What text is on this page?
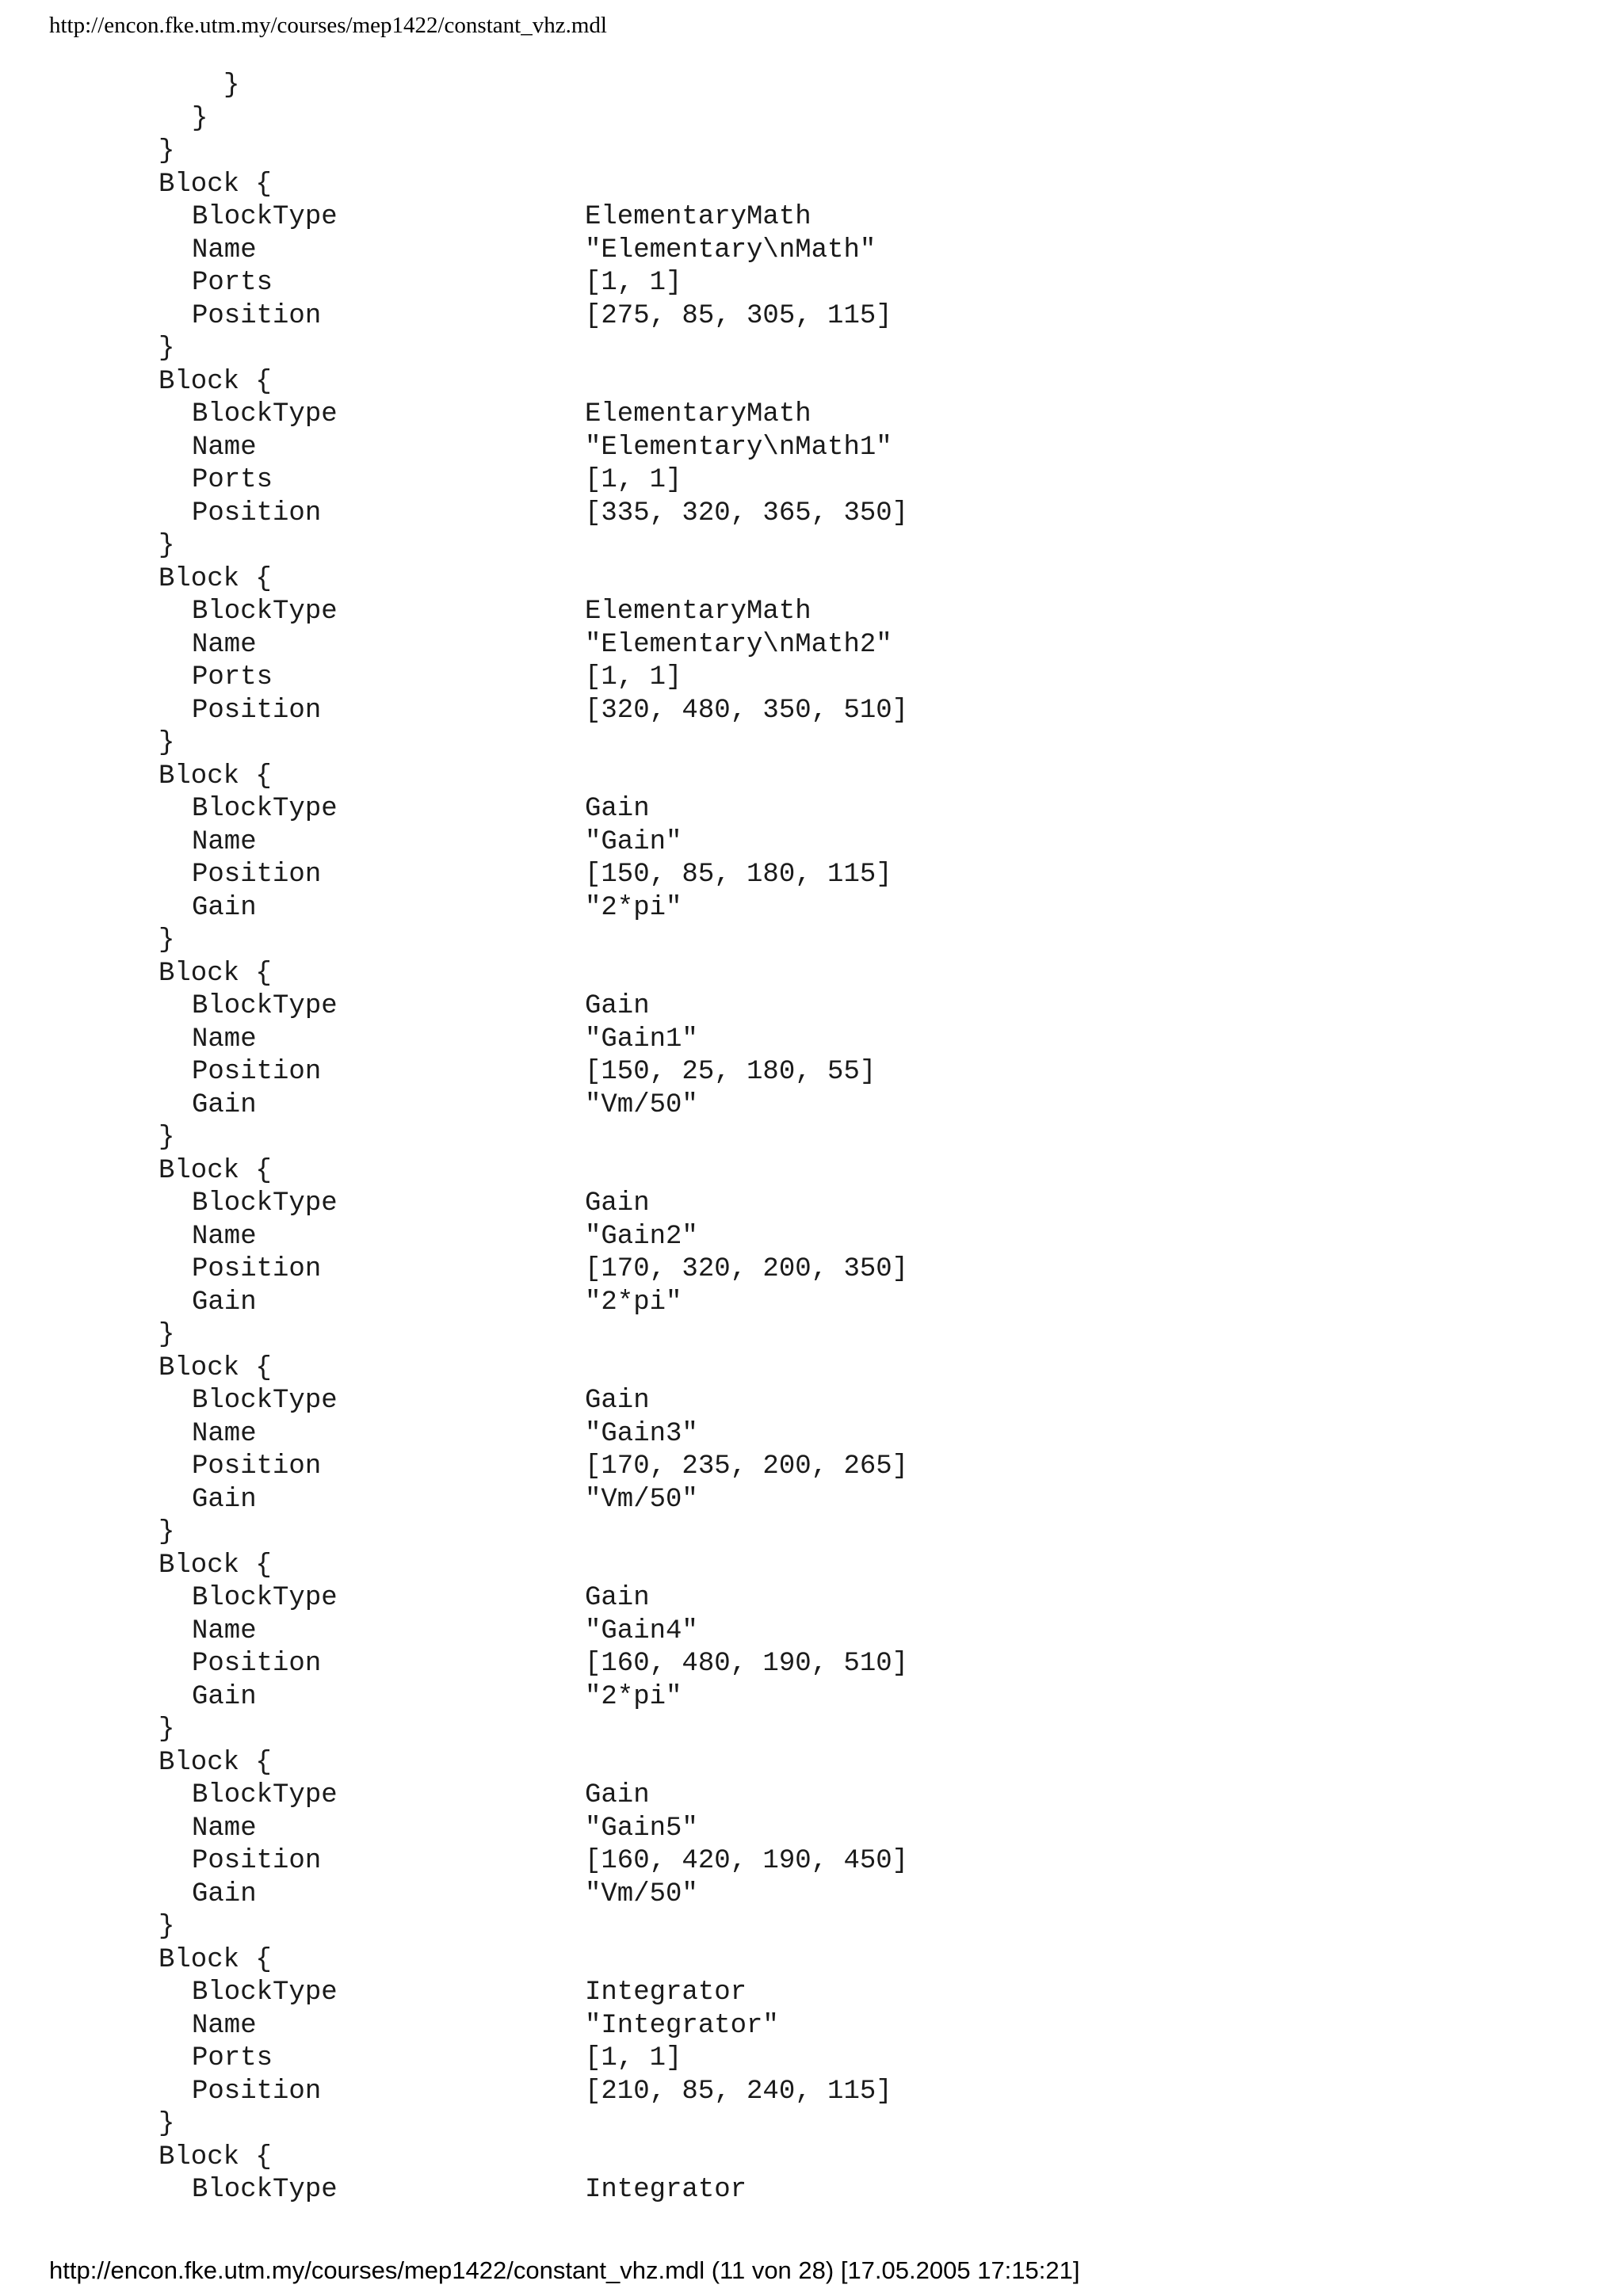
http://encon.fke.utm.my/courses/mep1422/constant_vhz.mdl
}
}
}
Block {
BlockType	ElementaryMath
Name	"Elementary\nMath"
Ports	[1, 1]
Position	[275, 85, 305, 115]
}
Block {
BlockType	ElementaryMath
Name	"Elementary\nMath1"
Ports	[1, 1]
Position	[335, 320, 365, 350]
}
Block {
BlockType	ElementaryMath
Name	"Elementary\nMath2"
Ports	[1, 1]
Position	[320, 480, 350, 510]
}
Block {
BlockType	Gain
Name	"Gain"
Position	[150, 85, 180, 115]
Gain	"2*pi"
}
Block {
BlockType	Gain
Name	"Gain1"
Position	[150, 25, 180, 55]
Gain	"Vm/50"
}
Block {
BlockType	Gain
Name	"Gain2"
Position	[170, 320, 200, 350]
Gain	"2*pi"
}
Block {
BlockType	Gain
Name	"Gain3"
Position	[170, 235, 200, 265]
Gain	"Vm/50"
}
Block {
BlockType	Gain
Name	"Gain4"
Position	[160, 480, 190, 510]
Gain	"2*pi"
}
Block {
BlockType	Gain
Name	"Gain5"
Position	[160, 420, 190, 450]
Gain	"Vm/50"
}
Block {
BlockType	Integrator
Name	"Integrator"
Ports	[1, 1]
Position	[210, 85, 240, 115]
}
Block {
BlockType	Integrator
http://encon.fke.utm.my/courses/mep1422/constant_vhz.mdl (11 von 28) [17.05.2005 17:15:21]
